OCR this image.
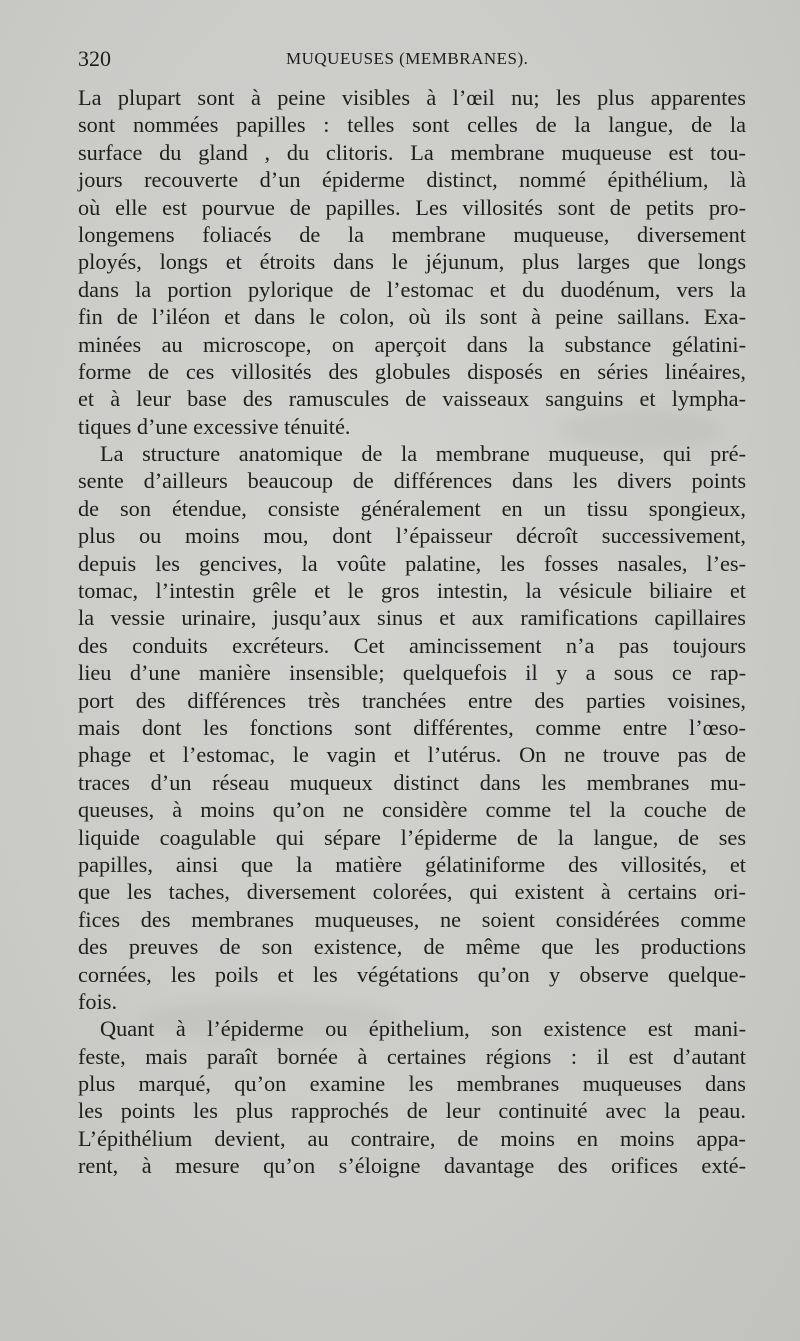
320	MUQUEUSES (MEMBRANES).
La plupart sont à peine visibles à l’œil nu; les plus apparentes
sont nommées papilles : telles sont celles de la langue, de la
surface du gland , du clitoris. La membrane muqueuse est tou-
jours recouverte d’un épiderme distinct, nommé épithélium, là
où elle est pourvue de papilles. Les villosités sont de petits pro-
longemens foliacés de la membrane muqueuse, diversement
ployés, longs et étroits dans le jéjunum, plus larges que longs
dans la portion pylorique de l’estomac et du duodénum, vers la
fin de l’iléon et dans le colon, où ils sont à peine saillans. Exa-
minées au microscope, on aperçoit dans la substance gélatini-
forme de ces villosités des globules disposés en séries linéaires,
et à leur base des ramuscules de vaisseaux sanguins et lympha-
tiques d’une excessive ténuité.
La structure anatomique de la membrane muqueuse, qui pré-
sente d’ailleurs beaucoup de différences dans les divers points
de son étendue, consiste généralement en un tissu spongieux,
plus ou moins mou, dont l’épaisseur décroît successivement,
depuis les gencives, la voûte palatine, les fosses nasales, l’es-
tomac, l’intestin grêle et le gros intestin, la vésicule biliaire et
la vessie urinaire, jusqu’aux sinus et aux ramifications capillaires
des conduits excréteurs. Cet amincissement n’a pas toujours
lieu d’une manière insensible; quelquefois il y a sous ce rap-
port des différences très tranchées entre des parties voisines,
mais dont les fonctions sont différentes, comme entre l’œso-
phage et l’estomac, le vagin et l’utérus. On ne trouve pas de
traces d’un réseau muqueux distinct dans les membranes mu-
queuses, à moins qu’on ne considère comme tel la couche de
liquide coagulable qui sépare l’épiderme de la langue, de ses
papilles, ainsi que la matière gélatiniforme des villosités, et
que les taches, diversement colorées, qui existent à certains ori-
fices des membranes muqueuses, ne soient considérées comme
des preuves de son existence, de même que les productions
cornées, les poils et les végétations qu’on y observe quelque-
fois.
Quant à l’épiderme ou épithelium, son existence est mani-
feste, mais paraît bornée à certaines régions : il est d’autant
plus marqué, qu’on examine les membranes muqueuses dans
les points les plus rapprochés de leur continuité avec la peau.
L’épithélium devient, au contraire, de moins en moins appa-
rent, à mesure qu’on s’éloigne davantage des orifices exté-
